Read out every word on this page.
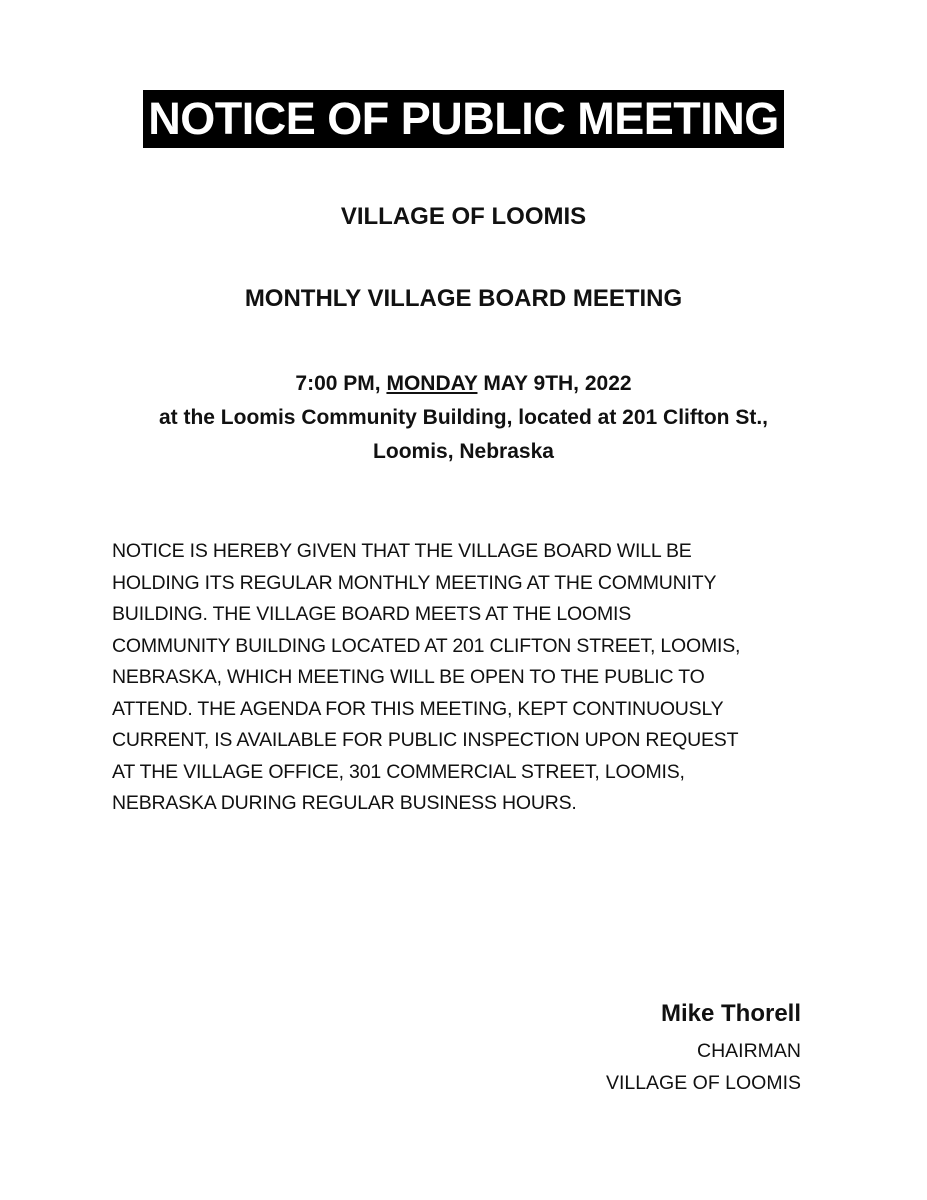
NOTICE OF PUBLIC MEETING
VILLAGE OF LOOMIS
MONTHLY VILLAGE BOARD MEETING
7:00 PM, MONDAY MAY 9TH, 2022
at the Loomis Community Building, located at 201 Clifton St.,
Loomis, Nebraska
NOTICE IS HEREBY GIVEN THAT THE VILLAGE BOARD WILL BE
HOLDING ITS REGULAR MONTHLY MEETING AT THE COMMUNITY
BUILDING. THE VILLAGE BOARD MEETS AT THE LOOMIS
COMMUNITY BUILDING LOCATED AT 201 CLIFTON STREET, LOOMIS,
NEBRASKA, WHICH MEETING WILL BE OPEN TO THE PUBLIC TO
ATTEND. THE AGENDA FOR THIS MEETING, KEPT CONTINUOUSLY
CURRENT, IS AVAILABLE FOR PUBLIC INSPECTION UPON REQUEST
AT THE VILLAGE OFFICE, 301 COMMERCIAL STREET, LOOMIS,
NEBRASKA DURING REGULAR BUSINESS HOURS.
Mike Thorell
CHAIRMAN
VILLAGE OF LOOMIS
